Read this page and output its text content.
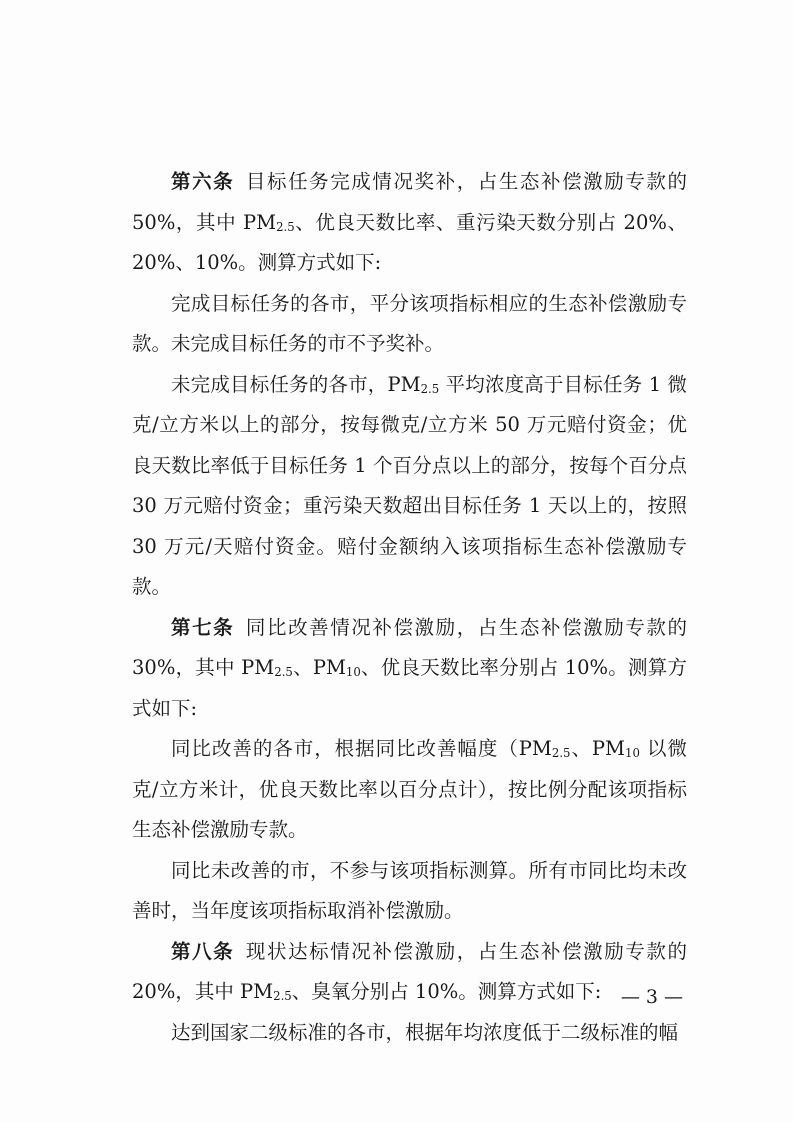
第六条 目标任务完成情况奖补，占生态补偿激励专款的50%，其中 $PM_{2.5}$、优良天数比率、重污染天数分别占 20%、20%、10%。测算方式如下:

完成目标任务的各市，平分该项指标相应的生态补偿激励专款。未完成目标任务的市不予奖补。

未完成目标任务的各市，$PM_{2.5}$ 平均浓度高于目标任务 1 微克/立方米以上的部分，按每微克/立方米 50 万元赔付资金；优良天数比率低于目标任务 1 个百分点以上的部分，按每个百分点 30 万元赔付资金；重污染天数超出目标任务 1 天以上的，按照 30 万元/天赔付资金。赔付金额纳入该项指标生态补偿激励专款。

第七条 同比改善情况补偿激励，占生态补偿激励专款的30%，其中 $PM_{2.5}$、$PM_{10}$、优良天数比率分别占 10%。测算方式如下:

同比改善的各市，根据同比改善幅度（$PM_{2.5}$、$PM_{10}$ 以微克/立方米计，优良天数比率以百分点计），按比例分配该项指标生态补偿激励专款。

同比未改善的市，不参与该项指标测算。所有市同比均未改善时，当年度该项指标取消补偿激励。

第八条 现状达标情况补偿激励，占生态补偿激励专款的20%，其中 $PM_{2.5}$、臭氧分别占 10%。测算方式如下:

达到国家二级标准的各市，根据年均浓度低于二级标准的幅

— 3 —
